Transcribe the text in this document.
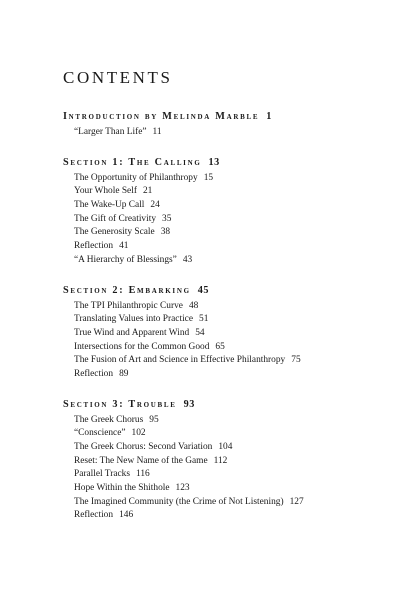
CONTENTS
Introduction by Melinda Marble 1
“Larger Than Life” 11
Section 1: The Calling 13
The Opportunity of Philanthropy 15
Your Whole Self 21
The Wake-Up Call 24
The Gift of Creativity 35
The Generosity Scale 38
Reflection 41
“A Hierarchy of Blessings” 43
Section 2: Embarking 45
The TPI Philanthropic Curve 48
Translating Values into Practice 51
True Wind and Apparent Wind 54
Intersections for the Common Good 65
The Fusion of Art and Science in Effective Philanthropy 75
Reflection 89
Section 3: Trouble 93
The Greek Chorus 95
“Conscience” 102
The Greek Chorus: Second Variation 104
Reset: The New Name of the Game 112
Parallel Tracks 116
Hope Within the Shithole 123
The Imagined Community (the Crime of Not Listening) 127
Reflection 146
